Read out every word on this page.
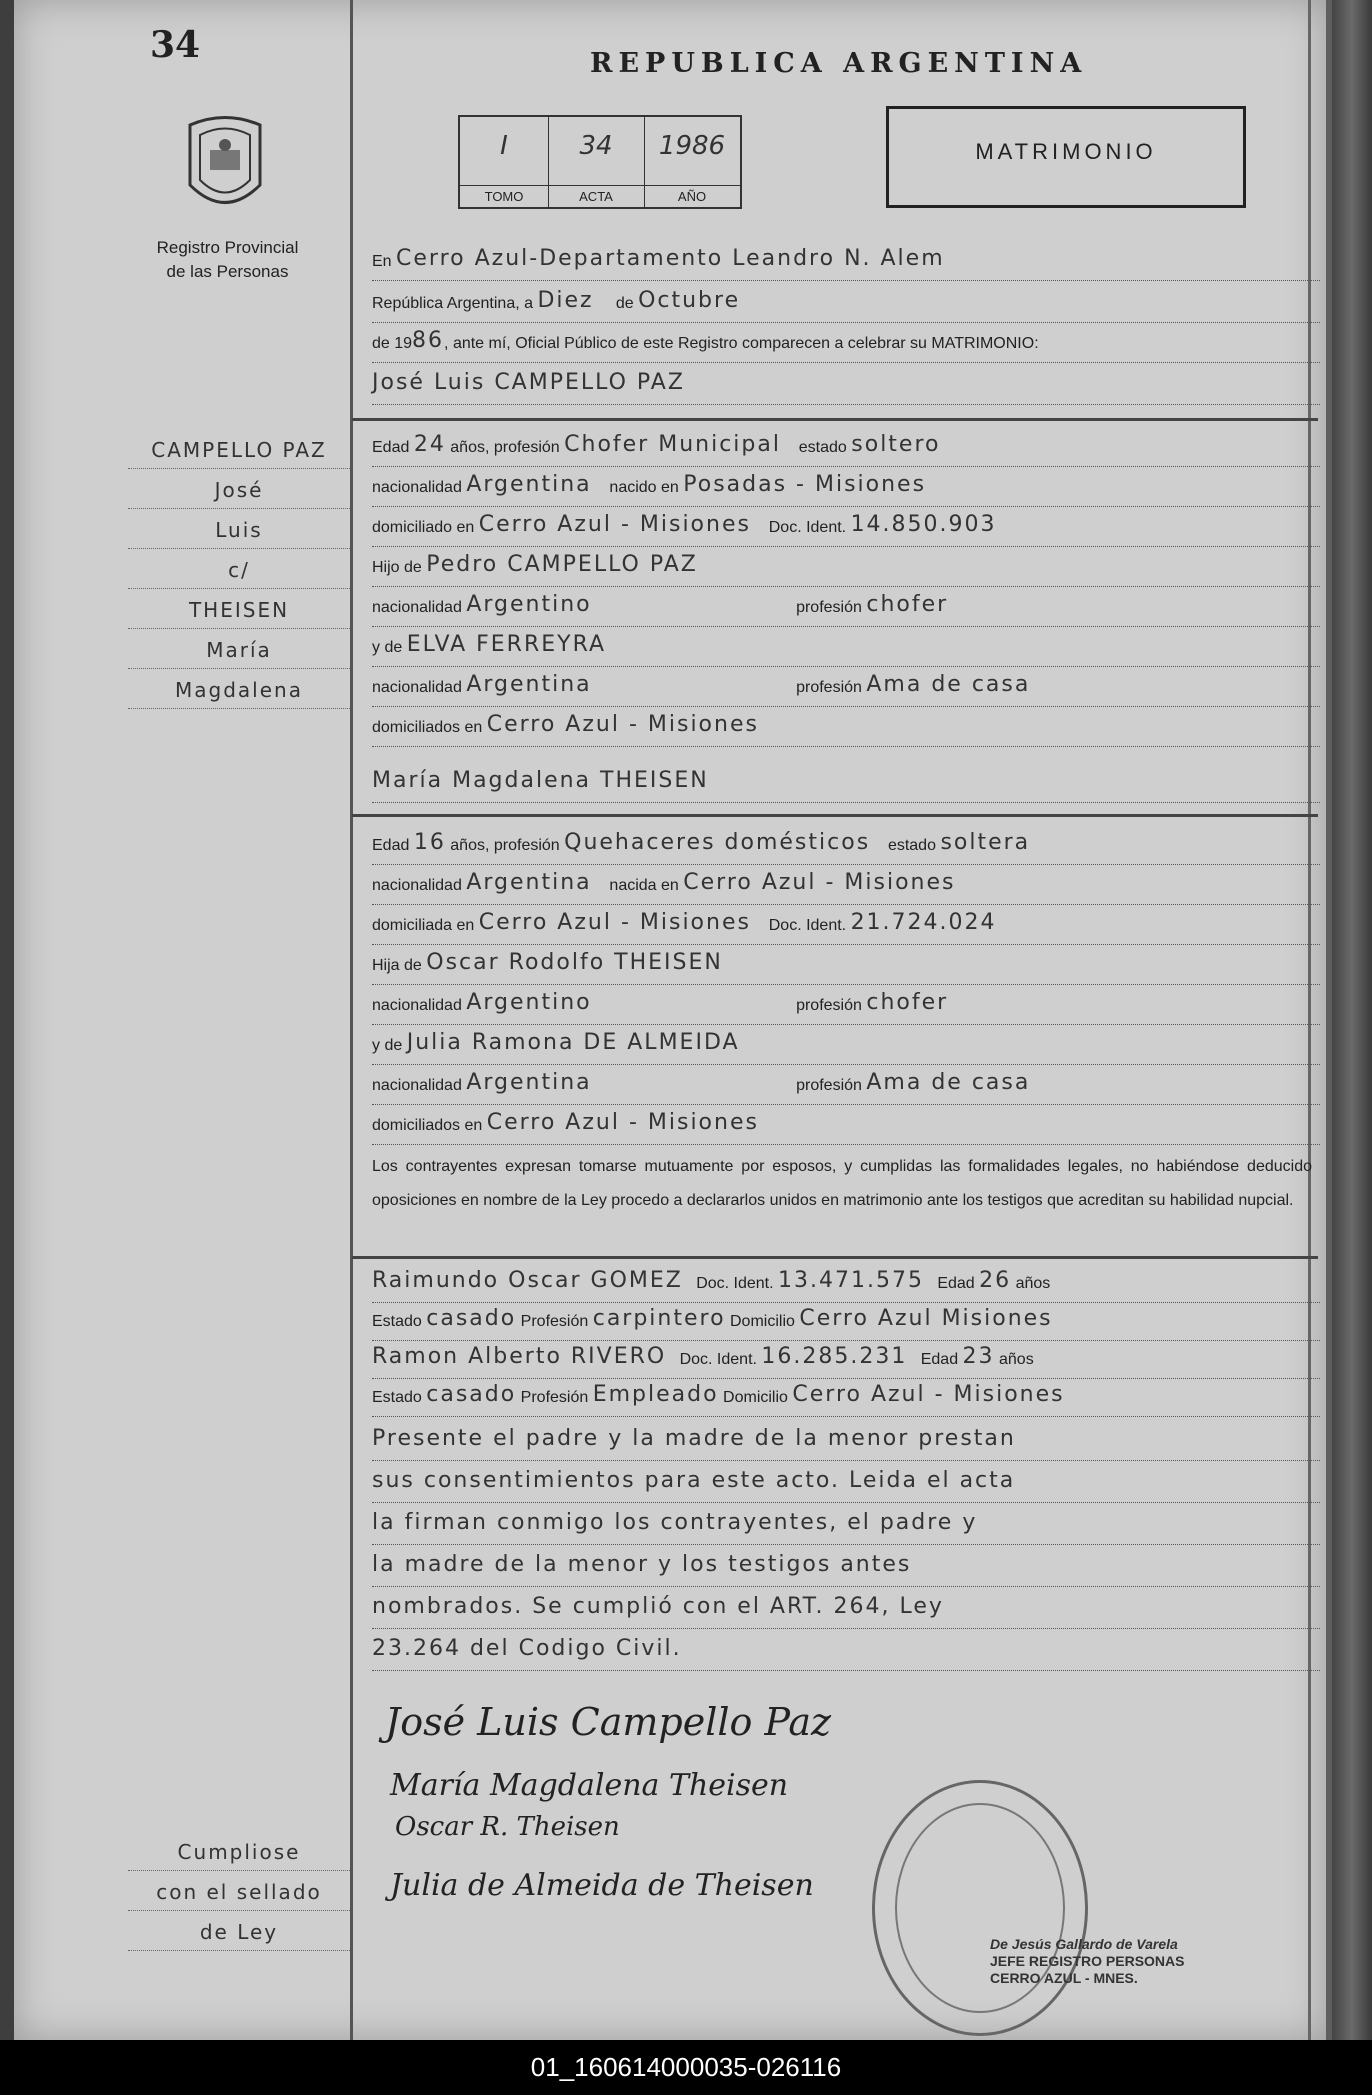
34
Registro Provincial
de las Personas
REPUBLICA ARGENTINA
I
TOMO
34
ACTA
1986
AÑO
MATRIMONIO
En Cerro Azul-Departamento Leandro N. Alem
República Argentina, a Diez de Octubre
de 1986, ante mí, Oficial Público de este Registro comparecen a celebrar su MATRIMONIO:
José Luis CAMPELLO PAZ
CAMPELLO PAZ
José
Luis
c/
THEISEN
María
Magdalena
Edad 24 años, profesión Chofer Municipal estado soltero
nacionalidad Argentina nacido en Posadas - Misiones
domiciliado en Cerro Azul - Misiones Doc. Ident. 14.850.903
Hijo de Pedro CAMPELLO PAZ
nacionalidad Argentino	profesión chofer
y de ELVA FERREYRA
nacionalidad Argentina	profesión Ama de casa
domiciliados en Cerro Azul - Misiones
María Magdalena THEISEN
Edad 16 años, profesión Quehaceres domésticos estado soltera
nacionalidad Argentina nacida en Cerro Azul - Misiones
domiciliada en Cerro Azul - Misiones Doc. Ident. 21.724.024
Hija de Oscar Rodolfo THEISEN
nacionalidad Argentino	profesión chofer
y de Julia Ramona DE ALMEIDA
nacionalidad Argentina	profesión Ama de casa
domiciliados en Cerro Azul - Misiones
Los contrayentes expresan tomarse mutuamente por esposos, y cumplidas las formalidades legales, no habiéndose deducido oposiciones en nombre de la Ley procedo a declararlos unidos en matrimonio ante los testigos que acreditan su habilidad nupcial.
Raimundo Oscar GOMEZ Doc. Ident. 13.471.575 Edad 26 años
Estado casado Profesión carpintero Domicilio Cerro Azul Misiones
Ramon Alberto RIVERO Doc. Ident. 16.285.231 Edad 23 años
Estado casado Profesión Empleado Domicilio Cerro Azul - Misiones
Presente el padre y la madre de la menor prestan
sus consentimientos para este acto. Leida el acta
la firman conmigo los contrayentes, el padre y
la madre de la menor y los testigos antes
nombrados. Se cumplió con el ART. 264, Ley
23.264 del Codigo Civil.
Cumpliose
con el sellado
de Ley
José Luis Campello Paz
María Magdalena Theisen
Oscar R. Theisen
Julia de Almeida de Theisen
De Jesús Gallardo de Varela
JEFE REGISTRO PERSONAS
CERRO AZUL - MNES.
01_160614000035-026116
